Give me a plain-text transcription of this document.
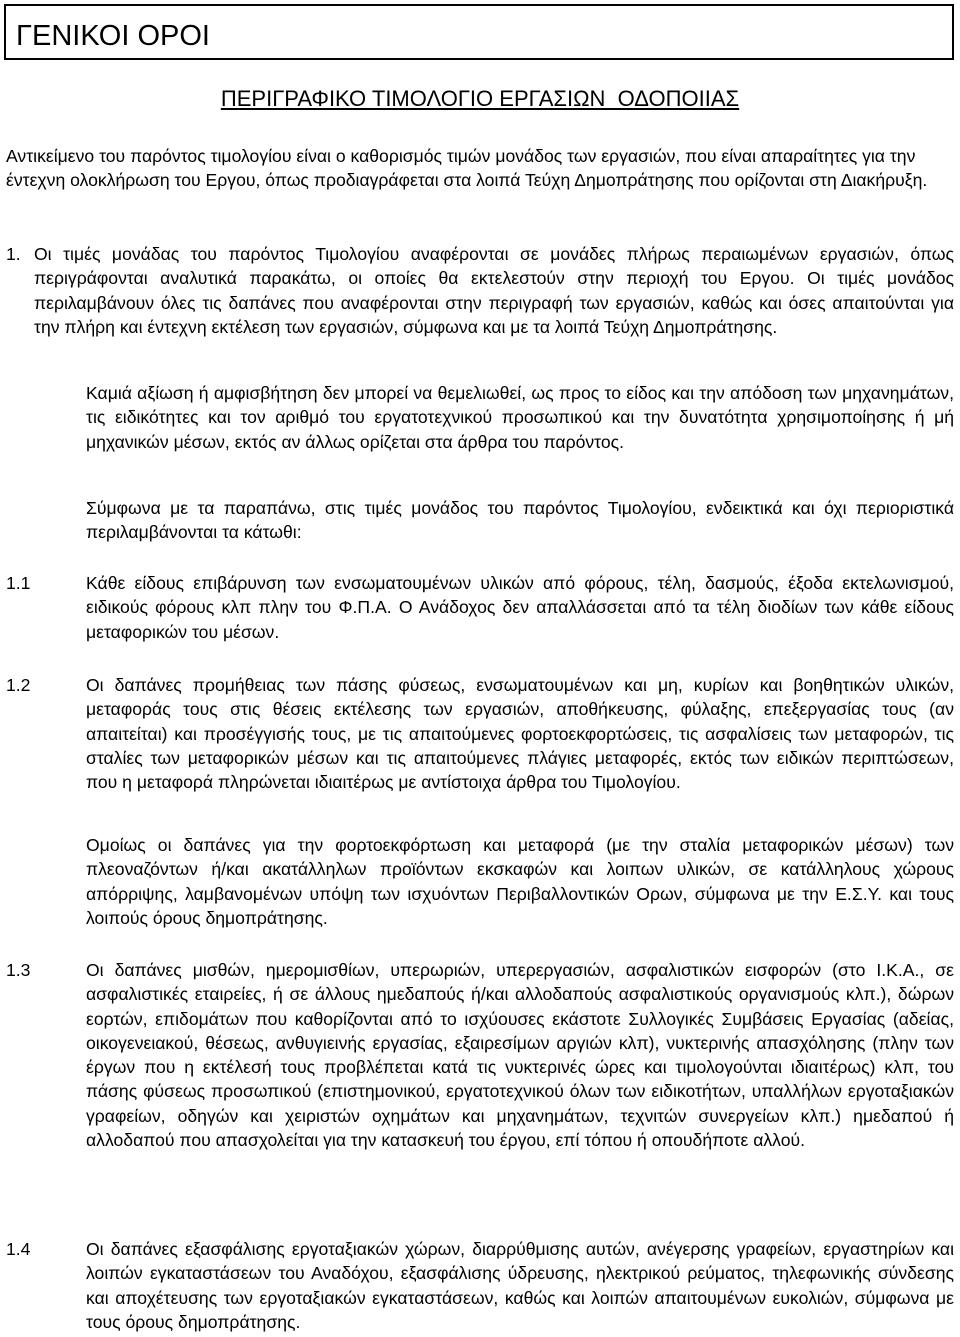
ΓΕΝΙΚΟΙ ΟΡΟΙ
ΠΕΡΙΓΡΑΦΙΚΟ ΤΙΜΟΛΟΓΙΟ ΕΡΓΑΣΙΩΝ  ΟΔΟΠΟΙΙΑΣ

Αντικείμενο του παρόντος τιμολογίου είναι ο καθορισμός τιμών μονάδος των εργασιών, που είναι απαραίτητες για την έντεχνη ολοκλήρωση του Εργου, όπως προδιαγράφεται στα λοιπά Τεύχη Δημοπράτησης που ορίζονται στη Διακήρυξη.

1. Οι τιμές μονάδας του παρόντος Τιμολογίου αναφέρονται σε μονάδες πλήρως περαιωμένων εργασιών, όπως περιγράφονται αναλυτικά παρακάτω, οι οποίες θα εκτελεστούν στην περιοχή του Εργου. Οι τιμές μονάδος περιλαμβάνουν όλες τις δαπάνες που αναφέρονται στην περιγραφή των εργασιών, καθώς και όσες απαιτούνται για την πλήρη και έντεχνη εκτέλεση των εργασιών, σύμφωνα και με τα λοιπά Τεύχη Δημοπράτησης.

Καμιά αξίωση ή αμφισβήτηση δεν μπορεί να θεμελιωθεί, ως προς το είδος και την απόδοση των μηχανημάτων, τις ειδικότητες και τον αριθμό του εργατοτεχνικού προσωπικού και την δυνατότητα χρησιμοποίησης ή μή μηχανικών μέσων, εκτός αν άλλως ορίζεται στα άρθρα του παρόντος.

Σύμφωνα με τα παραπάνω, στις τιμές μονάδος του παρόντος Τιμολογίου, ενδεικτικά και όχι περιοριστικά περιλαμβάνονται τα κάτωθι:

1.1	Κάθε είδους επιβάρυνση των ενσωματουμένων υλικών από φόρους, τέλη, δασμούς, έξοδα εκτελωνισμού, ειδικούς φόρους κλπ πλην του Φ.Π.Α. Ο Ανάδοχος δεν απαλλάσσεται από τα τέλη διοδίων των κάθε είδους μεταφορικών του μέσων.

1.2	Οι δαπάνες προμήθειας των πάσης φύσεως, ενσωματουμένων και μη, κυρίων και βοηθητικών υλικών, μεταφοράς τους στις θέσεις εκτέλεσης των εργασιών, αποθήκευσης, φύλαξης, επεξεργασίας τους (αν απαιτείται) και προσέγγισής τους, με τις απαιτούμενες φορτοεκφορτώσεις, τις ασφαλίσεις των μεταφορών, τις σταλίες των μεταφορικών μέσων και τις απαιτούμενες πλάγιες μεταφορές, εκτός των ειδικών περιπτώσεων, που η μεταφορά πληρώνεται ιδιαιτέρως με αντίστοιχα άρθρα του Τιμολογίου.

Ομοίως οι δαπάνες για την φορτοεκφόρτωση και μεταφορά (με την σταλία μεταφορικών μέσων) των πλεοναζόντων ή/και ακατάλληλων προϊόντων εκσκαφών και λοιπων υλικών, σε κατάλληλους χώρους απόρριψης, λαμβανομένων υπόψη των ισχυόντων Περιβαλλοντικών Ορων, σύμφωνα με την Ε.Σ.Υ. και τους λοιπούς όρους δημοπράτησης.

1.3	Οι δαπάνες μισθών, ημερομισθίων, υπερωριών, υπερεργασιών, ασφαλιστικών εισφορών (στο Ι.Κ.Α., σε ασφαλιστικές εταιρείες, ή σε άλλους ημεδαπούς ή/και αλλοδαπούς ασφαλιστικούς οργανισμούς κλπ.), δώρων εορτών, επιδομάτων που καθορίζονται από το ισχύουσες εκάστοτε Συλλογικές Συμβάσεις Εργασίας (αδείας, οικογενειακού, θέσεως, ανθυγιεινής εργασίας, εξαιρεσίμων αργιών κλπ), νυκτερινής απασχόλησης (πλην των έργων που η εκτέλεσή τους προβλέπεται κατά τις νυκτερινές ώρες και τιμολογούνται ιδιαιτέρως) κλπ, του πάσης φύσεως προσωπικού (επιστημονικού, εργατοτεχνικού όλων των ειδικοτήτων, υπαλλήλων εργοταξιακών γραφείων, οδηγών και χειριστών οχημάτων και μηχανημάτων, τεχνιτών συνεργείων κλπ.) ημεδαπού ή αλλοδαπού που απασχολείται για την κατασκευή του έργου, επί τόπου ή οπουδήποτε αλλού.

1.4	Οι δαπάνες εξασφάλισης εργοταξιακών χώρων, διαρρύθμισης αυτών, ανέγερσης γραφείων, εργαστηρίων και λοιπών εγκαταστάσεων του Αναδόχου, εξασφάλισης ύδρευσης, ηλεκτρικού ρεύματος, τηλεφωνικής σύνδεσης και αποχέτευσης των εργοταξιακών εγκαταστάσεων, καθώς και λοιπών απαιτουμένων ευκολιών, σύμφωνα με τους όρους δημοπράτησης.
